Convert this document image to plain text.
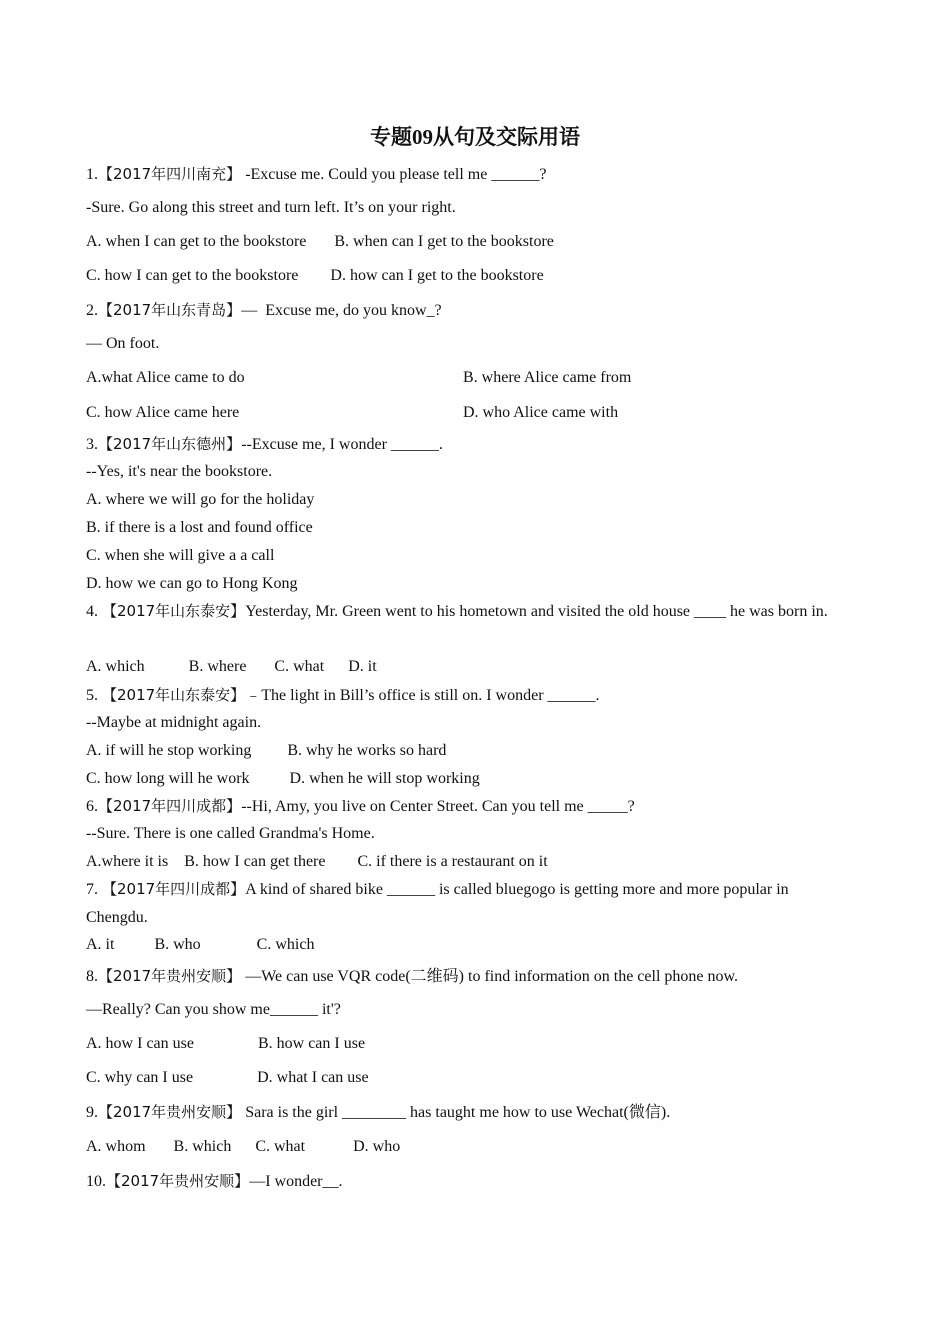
专题09从句及交际用语
1.【2017年四川南充】 -Excuse me. Could you please tell me ______?
-Sure. Go along this street and turn left. It’s on your right.
A. when I can get to the bookstore       B. when can I get to the bookstore
C. how I can get to the bookstore        D. how can I get to the bookstore
2.【2017年山东青岛】—  Excuse me, do you know_?
— On foot.
A.what Alice came to do	B. where Alice came from
C. how Alice came here	D. who Alice came with
3.【2017年山东德州】--Excuse me, I wonder ______.
--Yes, it's near the bookstore.
A. where we will go for the holiday
B. if there is a lost and found office
C. when she will give a a call
D. how we can go to Hong Kong
4. 【2017年山东泰安】Yesterday, Mr. Green went to his hometown and visited the old house ____ he was born in.
A. which           B. where       C. what      D. it
5. 【2017年山东泰安】﹣The light in Bill’s office is still on. I wonder ______.
--Maybe at midnight again.
A. if will he stop working         B. why he works so hard
C. how long will he work          D. when he will stop working
6.【2017年四川成都】--Hi, Amy, you live on Center Street. Can you tell me _____?
--Sure. There is one called Grandma's Home.
A.where it is    B. how I can get there        C. if there is a restaurant on it
7. 【2017年四川成都】A kind of shared bike ______ is called bluegogo is getting more and more popular in Chengdu.
A. it          B. who              C. which
8.【2017年贵州安顺】 —We can use VQR code(二维码) to find information on the cell phone now.
—Really? Can you show me______ it'?
A. how I can use                B. how can I use
C. why can I use                D. what I can use
9.【2017年贵州安顺】 Sara is the girl ________ has taught me how to use Wechat(微信).
A. whom       B. which      C. what            D. who
10.【2017年贵州安顺】—I wonder__.
